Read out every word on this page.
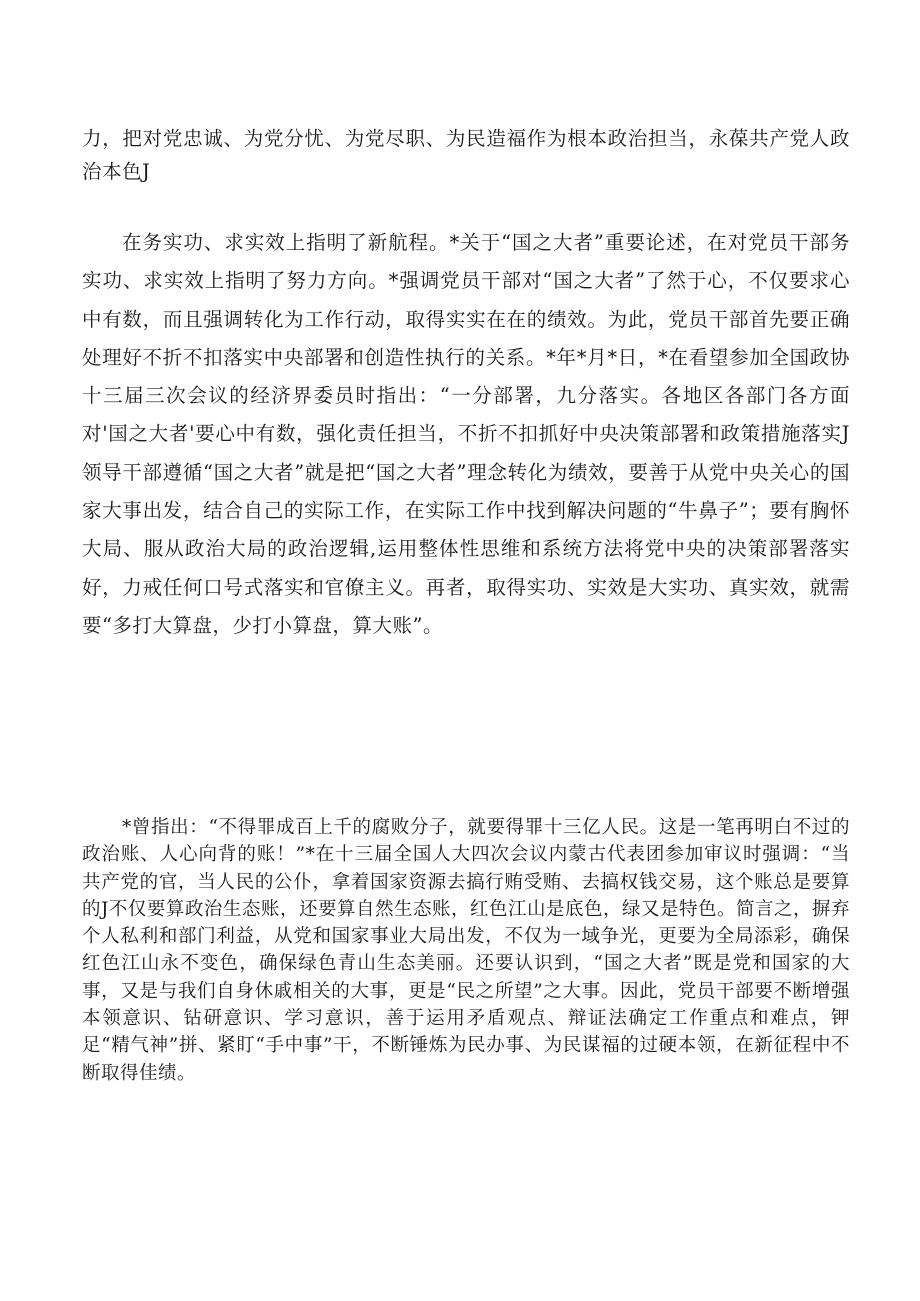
力，把对党忠诚、为党分忧、为党尽职、为民造福作为根本政治担当，永葆共产党人政治本色J

在务实功、求实效上指明了新航程。*关于“国之大者”重要论述，在对党员干部务实功、求实效上指明了努力方向。*强调党员干部对“国之大者”了然于心，不仅要求心中有数，而且强调转化为工作行动，取得实实在在的绩效。为此，党员干部首先要正确处理好不折不扣落实中央部署和创造性执行的关系。*年*月*日，*在看望参加全国政协十三届三次会议的经济界委员时指出：“一分部署，九分落实。各地区各部门各方面对'国之大者'要心中有数，强化责任担当，不折不扣抓好中央决策部署和政策措施落实J领导干部遵循“国之大者”就是把“国之大者”理念转化为绩效，要善于从党中央关心的国家大事出发，结合自己的实际工作，在实际工作中找到解决问题的“牛鼻子”；要有胸怀大局、服从政治大局的政治逻辑,运用整体性思维和系统方法将党中央的决策部署落实好，力戒任何口号式落实和官僚主义。再者，取得实功、实效是大实功、真实效，就需要“多打大算盘，少打小算盘，算大账”。

*曾指出：“不得罪成百上千的腐败分子，就要得罪十三亿人民。这是一笔再明白不过的政治账、人心向背的账！”*在十三届全国人大四次会议内蒙古代表团参加审议时强调：“当共产党的官，当人民的公仆，拿着国家资源去搞行贿受贿、去搞权钱交易，这个账总是要算的J不仅要算政治生态账，还要算自然生态账，红色江山是底色，绿又是特色。简言之，摒弃个人私利和部门利益，从党和国家事业大局出发，不仅为一域争光，更要为全局添彩，确保红色江山永不变色，确保绿色青山生态美丽。还要认识到，“国之大者”既是党和国家的大事，又是与我们自身休戚相关的大事，更是“民之所望”之大事。因此，党员干部要不断增强本领意识、钻研意识、学习意识，善于运用矛盾观点、辩证法确定工作重点和难点，钾足“精气神”拼、紧盯“手中事”干，不断锤炼为民办事、为民谋福的过硬本领，在新征程中不断取得佳绩。
